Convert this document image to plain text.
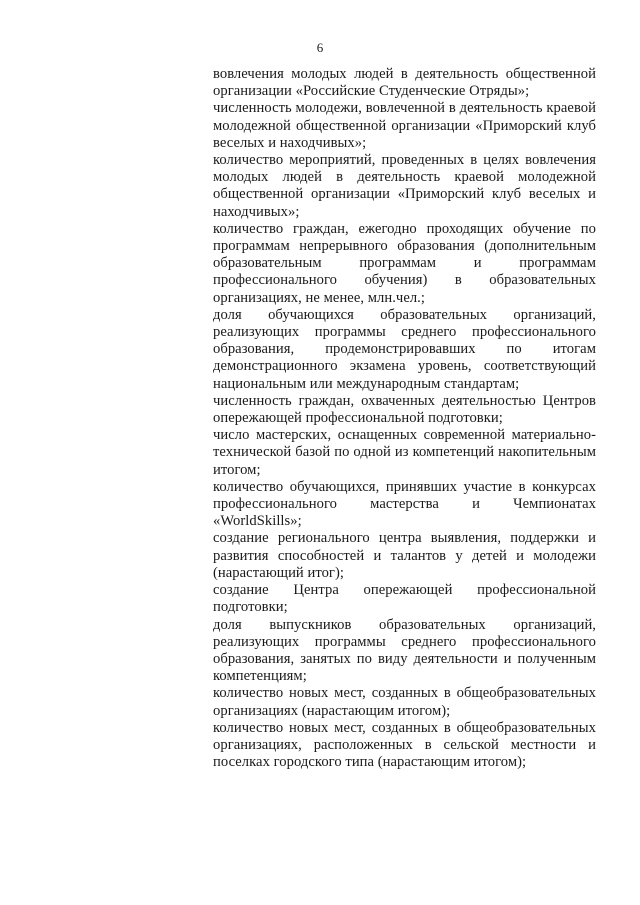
6

вовлечения молодых людей в деятельность общественной организации «Российские Студенческие Отряды»;

численность молодежи, вовлеченной в деятельность краевой молодежной общественной организации «Приморский клуб веселых и находчивых»;

количество мероприятий, проведенных в целях вовлечения молодых людей в деятельность краевой молодежной общественной организации «Приморский клуб веселых и находчивых»;

количество граждан, ежегодно проходящих обучение по программам непрерывного образования (дополнительным образовательным программам и программам профессионального обучения) в образовательных организациях, не менее, млн.чел.;

доля обучающихся образовательных организаций, реализующих программы среднего профессионального образования, продемонстрировавших по итогам демонстрационного экзамена уровень, соответствующий национальным или международным стандартам;

численность граждан, охваченных деятельностью Центров опережающей профессиональной подготовки;

число мастерских, оснащенных современной материально-технической базой по одной из компетенций накопительным итогом;

количество обучающихся, принявших участие в конкурсах профессионального мастерства и Чемпионатах «WorldSkills»;

создание регионального центра выявления, поддержки и развития способностей и талантов у детей и молодежи (нарастающий итог);

создание Центра опережающей профессиональной подготовки;

доля выпускников образовательных организаций, реализующих программы среднего профессионального образования, занятых по виду деятельности и полученным компетенциям;

количество новых мест, созданных в общеобразовательных организациях (нарастающим итогом);

количество новых мест, созданных в общеобразовательных организациях, расположенных в сельской местности и поселках городского типа (нарастающим итогом);
